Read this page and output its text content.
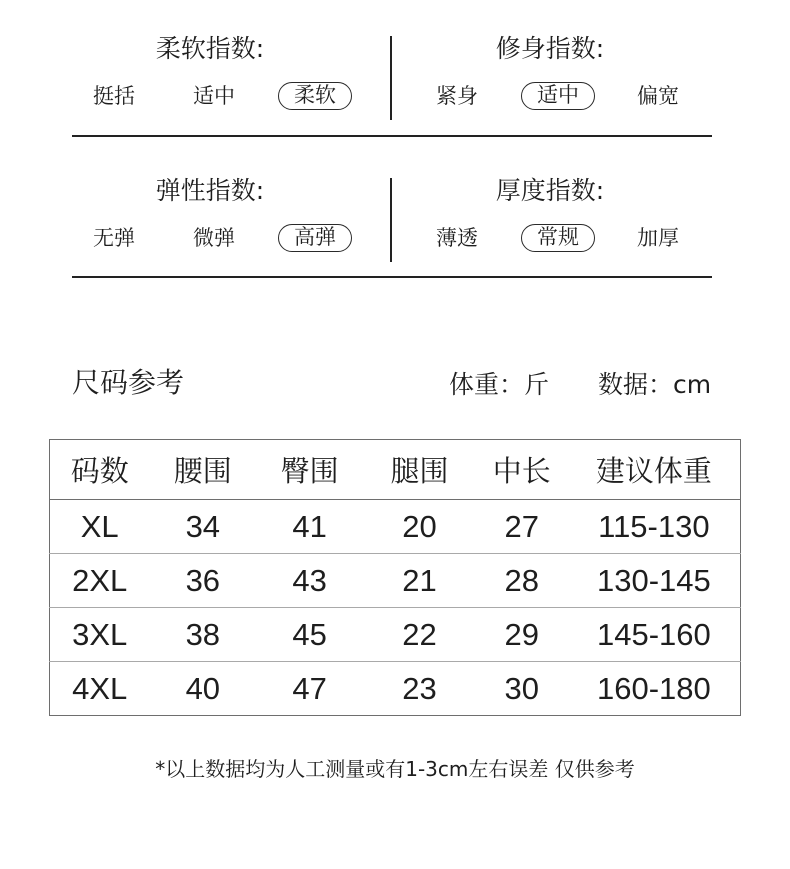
柔软指数:
挺括	适中	柔软
修身指数:
紧身	适中	偏宽
弹性指数:
无弹	微弹	高弹
厚度指数:
薄透	常规	加厚
尺码参考	体重：斤 数据：cm
码数	腰围	臀围	腿围	中长	建议体重
XL	34	41	20	27	115-130
2XL	36	43	21	28	130-145
3XL	38	45	22	29	145-160
4XL	40	47	23	30	160-180
*以上数据均为人工测量或有1-3cm左右误差 仅供参考
